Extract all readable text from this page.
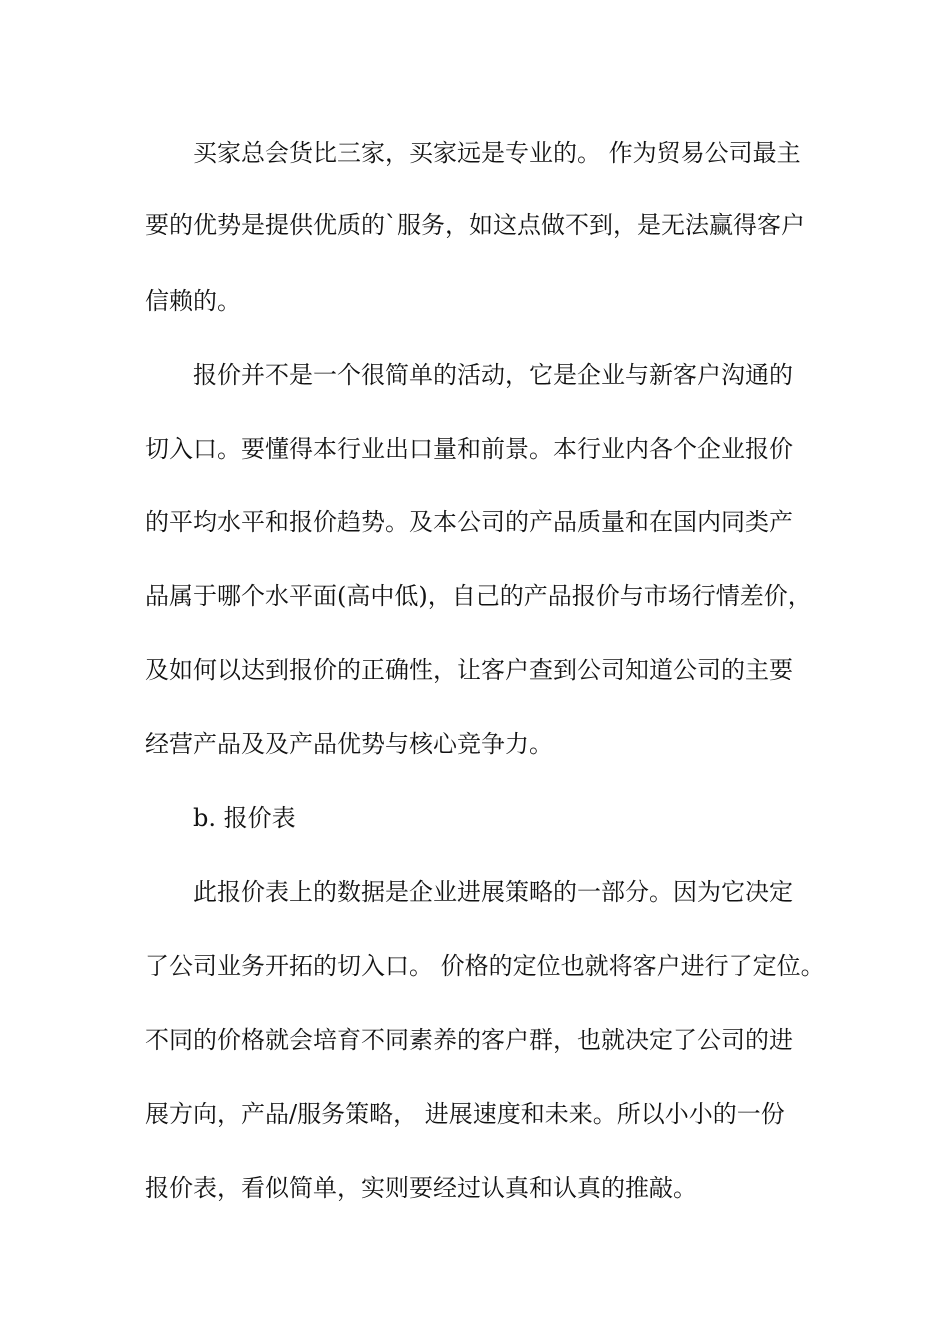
买家总会货比三家，买家远是专业的。 作为贸易公司最主

要的优势是提供优质的`服务，如这点做不到，是无法赢得客户

信赖的。

报价并不是一个很简单的活动，它是企业与新客户沟通的

切入口。要懂得本行业出口量和前景。本行业内各个企业报价

的平均水平和报价趋势。及本公司的产品质量和在国内同类产

品属于哪个水平面(高中低)，自己的产品报价与市场行情差价，

及如何以达到报价的正确性，让客户查到公司知道公司的主要

经营产品及及产品优势与核心竞争力。

b. 报价表

此报价表上的数据是企业进展策略的一部分。因为它决定

了公司业务开拓的切入口。 价格的定位也就将客户进行了定位。

不同的价格就会培育不同素养的客户群，也就决定了公司的进

展方向，产品/服务策略， 进展速度和未来。所以小小的一份

报价表，看似简单，实则要经过认真和认真的推敲。
